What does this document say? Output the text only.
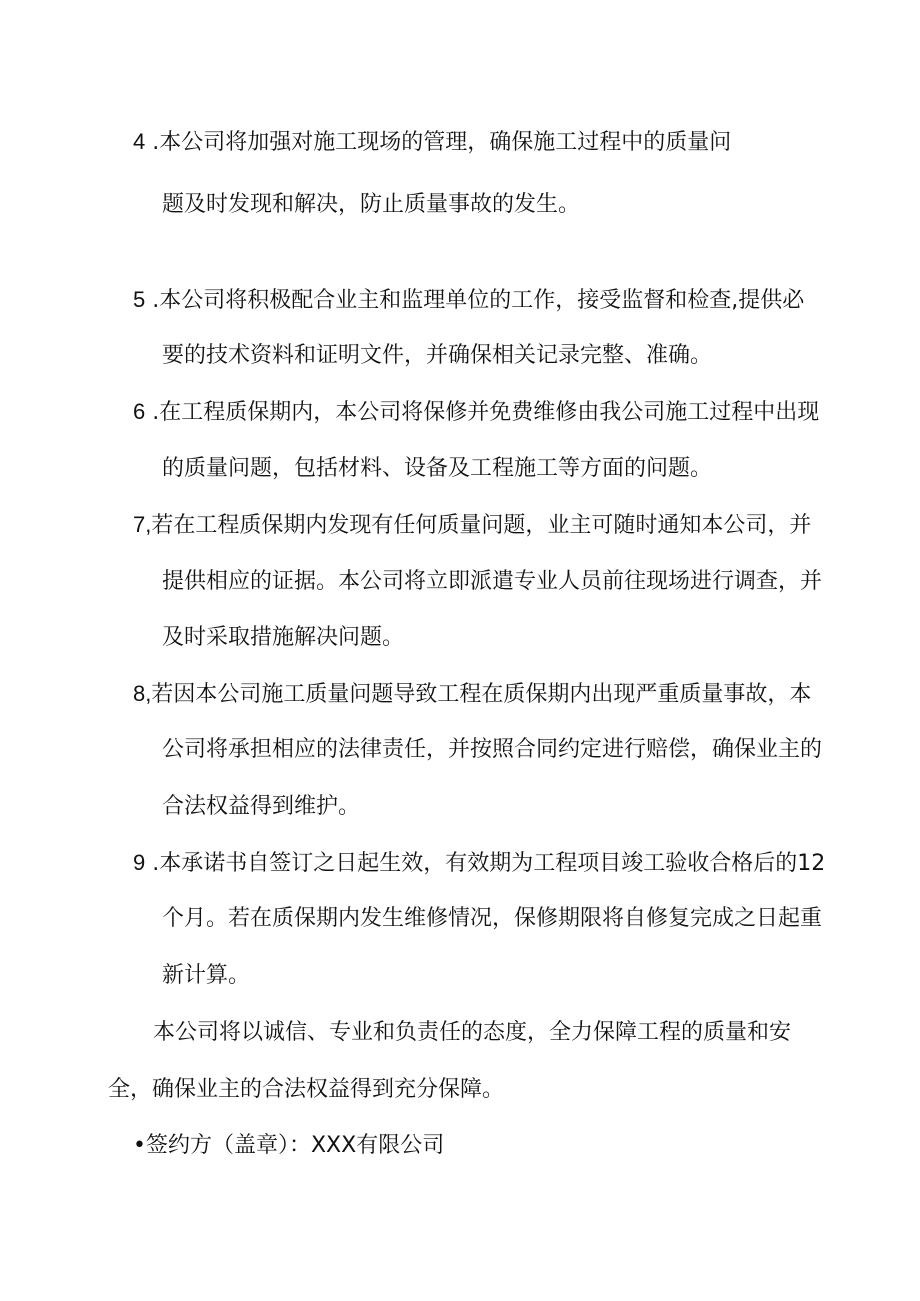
4 .本公司将加强对施工现场的管理，确保施工过程中的质量问
题及时发现和解决，防止质量事故的发生。
5 .本公司将积极配合业主和监理单位的工作，接受监督和检查,提供必
要的技术资料和证明文件，并确保相关记录完整、准确。
6 .在工程质保期内，本公司将保修并免费维修由我公司施工过程中出现
的质量问题，包括材料、设备及工程施工等方面的问题。
7,若在工程质保期内发现有任何质量问题，业主可随时通知本公司，并
提供相应的证据。本公司将立即派遣专业人员前往现场进行调查，并
及时采取措施解决问题。
8,若因本公司施工质量问题导致工程在质保期内出现严重质量事故，本
公司将承担相应的法律责任，并按照合同约定进行赔偿，确保业主的
合法权益得到维护。
9 .本承诺书自签订之日起生效，有效期为工程项目竣工验收合格后的12
个月。若在质保期内发生维修情况，保修期限将自修复完成之日起重
新计算。
本公司将以诚信、专业和负责任的态度，全力保障工程的质量和安
全，确保业主的合法权益得到充分保障。
•签约方（盖章）：XXX有限公司
